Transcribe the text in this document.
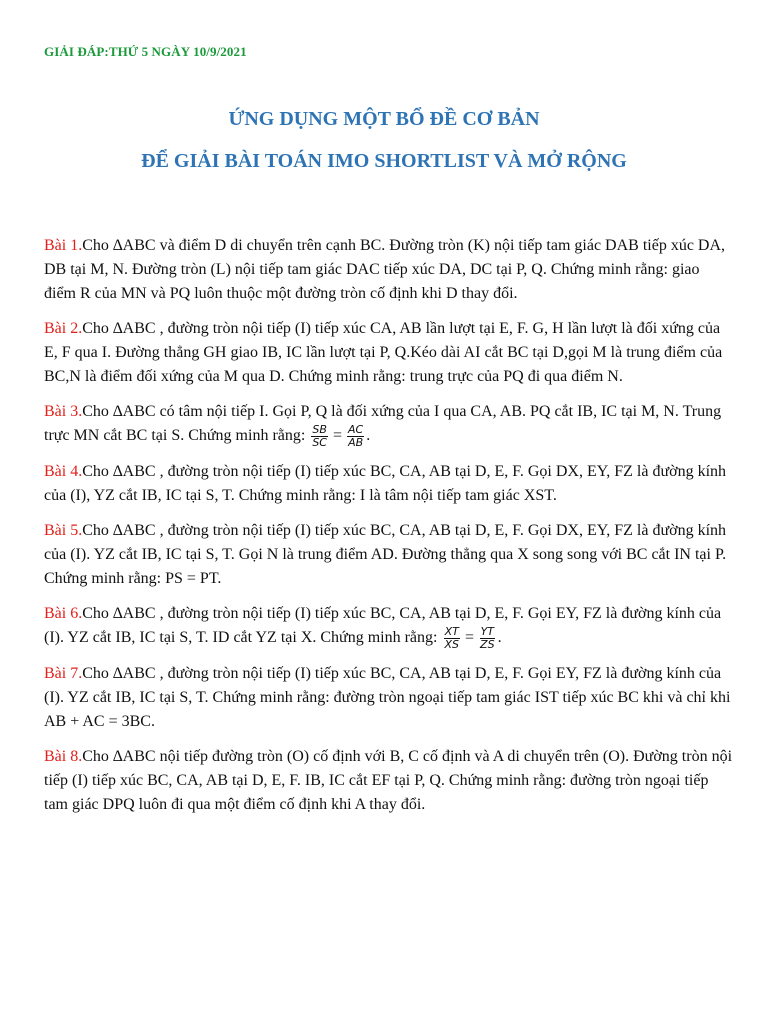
GIẢI ĐÁP:THỨ 5 NGÀY 10/9/2021
ỨNG DỤNG MỘT BỔ ĐỀ CƠ BẢN
ĐỂ GIẢI BÀI TOÁN IMO SHORTLIST VÀ MỞ RỘNG

Bài 1.Cho ∆ABC và điểm D di chuyển trên cạnh BC. Đường tròn (K) nội tiếp tam giác DAB tiếp xúc DA, DB tại M, N. Đường tròn (L) nội tiếp tam giác DAC tiếp xúc DA, DC tại P, Q. Chứng minh rằng: giao điểm R của MN và PQ luôn thuộc một đường tròn cố định khi D thay đổi.

Bài 2.Cho ∆ABC , đường tròn nội tiếp (I) tiếp xúc CA, AB lần lượt tại E, F. G, H lần lượt là đối xứng của E, F qua I. Đường thẳng GH giao IB, IC lần lượt tại P, Q.Kéo dài AI cắt BC tại D,gọi M là trung điểm của BC,N là điểm đối xứng của M qua D. Chứng minh rằng: trung trực của PQ đi qua điểm N.

Bài 3.Cho ∆ABC có tâm nội tiếp I. Gọi P, Q là đối xứng của I qua CA, AB. PQ cắt IB, IC tại M, N. Trung trực MN cắt BC tại S. Chứng minh rằng: $\frac{SB}{SC} = \frac{AC}{AB}$ .

Bài 4.Cho ∆ABC , đường tròn nội tiếp (I) tiếp xúc BC, CA, AB tại D, E, F. Gọi DX, EY, FZ là đường kính của (I), YZ cắt IB, IC tại S, T. Chứng minh rằng: I là tâm nội tiếp tam giác XST.

Bài 5.Cho ∆ABC , đường tròn nội tiếp (I) tiếp xúc BC, CA, AB tại D, E, F. Gọi DX, EY, FZ là đường kính của (I). YZ cắt IB, IC tại S, T. Gọi N là trung điểm AD. Đường thẳng qua X song song với BC cắt IN tại P. Chứng minh rằng: PS = PT.

Bài 6.Cho ∆ABC , đường tròn nội tiếp (I) tiếp xúc BC, CA, AB tại D, E, F. Gọi EY, FZ là đường kính của (I). YZ cắt IB, IC tại S, T. ID cắt YZ tại X. Chứng minh rằng: $\frac{XT}{XS} = \frac{YT}{ZS}$ .

Bài 7.Cho ∆ABC , đường tròn nội tiếp (I) tiếp xúc BC, CA, AB tại D, E, F. Gọi EY, FZ là đường kính của (I). YZ cắt IB, IC tại S, T. Chứng minh rằng: đường tròn ngoại tiếp tam giác IST tiếp xúc BC khi và chỉ khi AB + AC = 3BC.

Bài 8.Cho ∆ABC nội tiếp đường tròn (O) cố định với B, C cố định và A di chuyển trên (O). Đường tròn nội tiếp (I) tiếp xúc BC, CA, AB tại D, E, F. IB, IC cắt EF tại P, Q. Chứng minh rằng: đường tròn ngoại tiếp tam giác DPQ luôn đi qua một điểm cố định khi A thay đổi.
